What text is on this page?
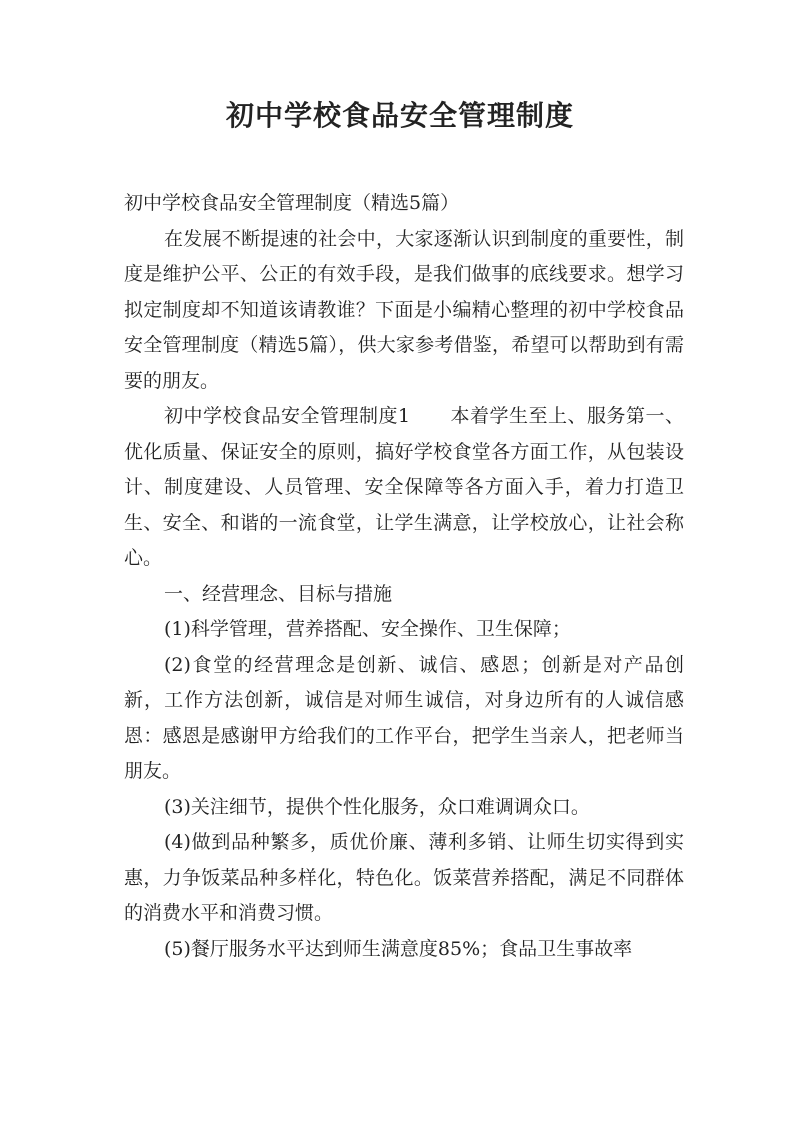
初中学校食品安全管理制度

初中学校食品安全管理制度（精选5篇）

在发展不断提速的社会中，大家逐渐认识到制度的重要性，制度是维护公平、公正的有效手段，是我们做事的底线要求。想学习拟定制度却不知道该请教谁？下面是小编精心整理的初中学校食品安全管理制度（精选5篇），供大家参考借鉴，希望可以帮助到有需要的朋友。

初中学校食品安全管理制度1 本着学生至上、服务第一、优化质量、保证安全的原则，搞好学校食堂各方面工作，从包装设计、制度建设、人员管理、安全保障等各方面入手，着力打造卫生、安全、和谐的一流食堂，让学生满意，让学校放心，让社会称心。

一、经营理念、目标与措施

(1)科学管理，营养搭配、安全操作、卫生保障；

(2)食堂的经营理念是创新、诚信、感恩；创新是对产品创新，工作方法创新，诚信是对师生诚信，对身边所有的人诚信感恩：感恩是感谢甲方给我们的工作平台，把学生当亲人，把老师当朋友。

(3)关注细节，提供个性化服务，众口难调调众口。

(4)做到品种繁多，质优价廉、薄利多销、让师生切实得到实惠，力争饭菜品种多样化，特色化。饭菜营养搭配，满足不同群体的消费水平和消费习惯。

(5)餐厅服务水平达到师生满意度85%；食品卫生事故率
